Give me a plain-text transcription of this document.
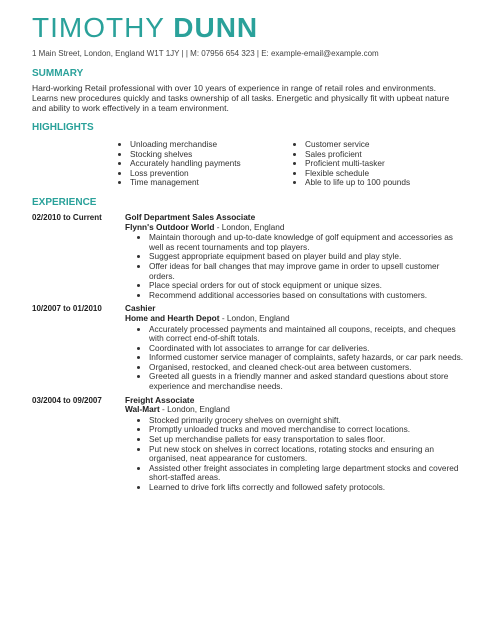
TIMOTHY DUNN
1 Main Street, London, England W1T 1JY | | M: 07956 654 323 | E: example-email@example.com
SUMMARY
Hard-working Retail professional with over 10 years of experience in range of retail roles and environments. Learns new procedures quickly and tasks ownership of all tasks. Energetic and physically fit with upbeat nature and ability to work effectively in a team environment.
HIGHLIGHTS
• Unloading merchandise
• Stocking shelves
• Accurately handling payments
• Loss prevention
• Time management
• Customer service
• Sales proficient
• Proficient multi-tasker
• Flexible schedule
• Able to life up to 100 pounds
EXPERIENCE
02/2010 to Current	Golf Department Sales Associate
Flynn's Outdoor World - London, England
• Maintain thorough and up-to-date knowledge of golf equipment and accessories as well as recent tournaments and top players.
• Suggest appropriate equipment based on player build and play style.
• Offer ideas for ball changes that may improve game in order to upsell customer orders.
• Place special orders for out of stock equipment or unique sizes.
• Recommend additional accessories based on consultations with customers.
10/2007 to 01/2010	Cashier
Home and Hearth Depot - London, England
• Accurately processed payments and maintained all coupons, receipts, and cheques with correct end-of-shift totals.
• Coordinated with lot associates to arrange for car deliveries.
• Informed customer service manager of complaints, safety hazards, or car park needs.
• Organised, restocked, and cleaned check-out area between customers.
• Greeted all guests in a friendly manner and asked standard questions about store experience and merchandise needs.
03/2004 to 09/2007	Freight Associate
Wal-Mart - London, England
• Stocked primarily grocery shelves on overnight shift.
• Promptly unloaded trucks and moved merchandise to correct locations.
• Set up merchandise pallets for easy transportation to sales floor.
• Put new stock on shelves in correct locations, rotating stocks and ensuring an organised, neat appearance for customers.
• Assisted other freight associates in completing large department stocks and covered short-staffed areas.
• Learned to drive fork lifts correctly and followed safety protocols.
